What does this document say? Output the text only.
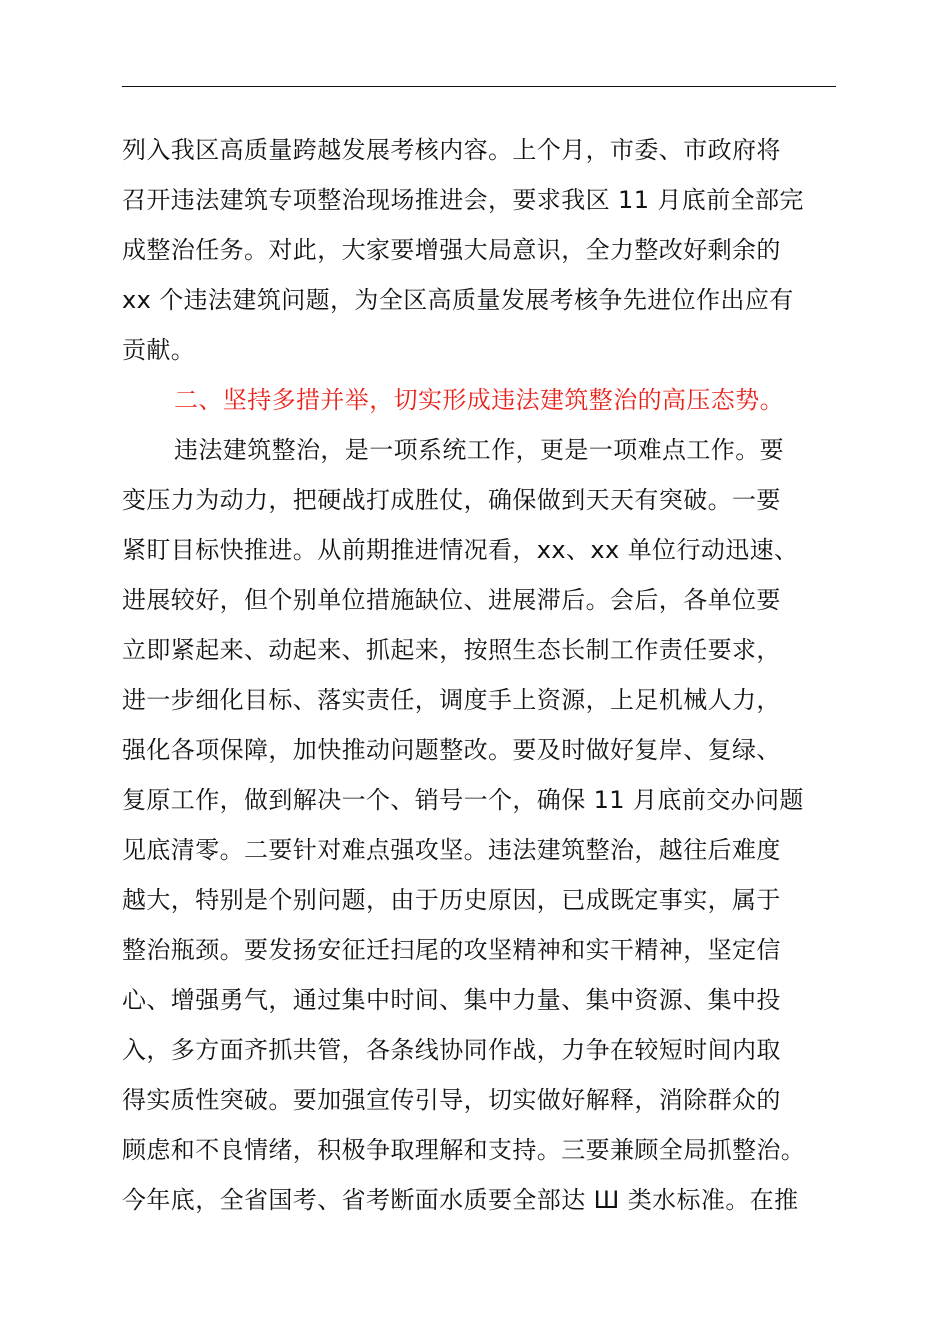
列入我区高质量跨越发展考核内容。上个月，市委、市政府将
召开违法建筑专项整治现场推进会，要求我区 11 月底前全部完
成整治任务。对此，大家要增强大局意识，全力整改好剩余的
xx 个违法建筑问题，为全区高质量发展考核争先进位作出应有
贡献。
二、坚持多措并举，切实形成违法建筑整治的高压态势。
违法建筑整治，是一项系统工作，更是一项难点工作。要
变压力为动力，把硬战打成胜仗，确保做到天天有突破。一要
紧盯目标快推进。从前期推进情况看，xx、xx 单位行动迅速、
进展较好，但个别单位措施缺位、进展滞后。会后，各单位要
立即紧起来、动起来、抓起来，按照生态长制工作责任要求，
进一步细化目标、落实责任，调度手上资源，上足机械人力，
强化各项保障，加快推动问题整改。要及时做好复岸、复绿、
复原工作，做到解决一个、销号一个，确保 11 月底前交办问题
见底清零。二要针对难点强攻坚。违法建筑整治，越往后难度
越大，特别是个别问题，由于历史原因，已成既定事实，属于
整治瓶颈。要发扬安征迁扫尾的攻坚精神和实干精神，坚定信
心、增强勇气，通过集中时间、集中力量、集中资源、集中投
入，多方面齐抓共管，各条线协同作战，力争在较短时间内取
得实质性突破。要加强宣传引导，切实做好解释，消除群众的
顾虑和不良情绪，积极争取理解和支持。三要兼顾全局抓整治。
今年底，全省国考、省考断面水质要全部达 Ш 类水标准。在推
